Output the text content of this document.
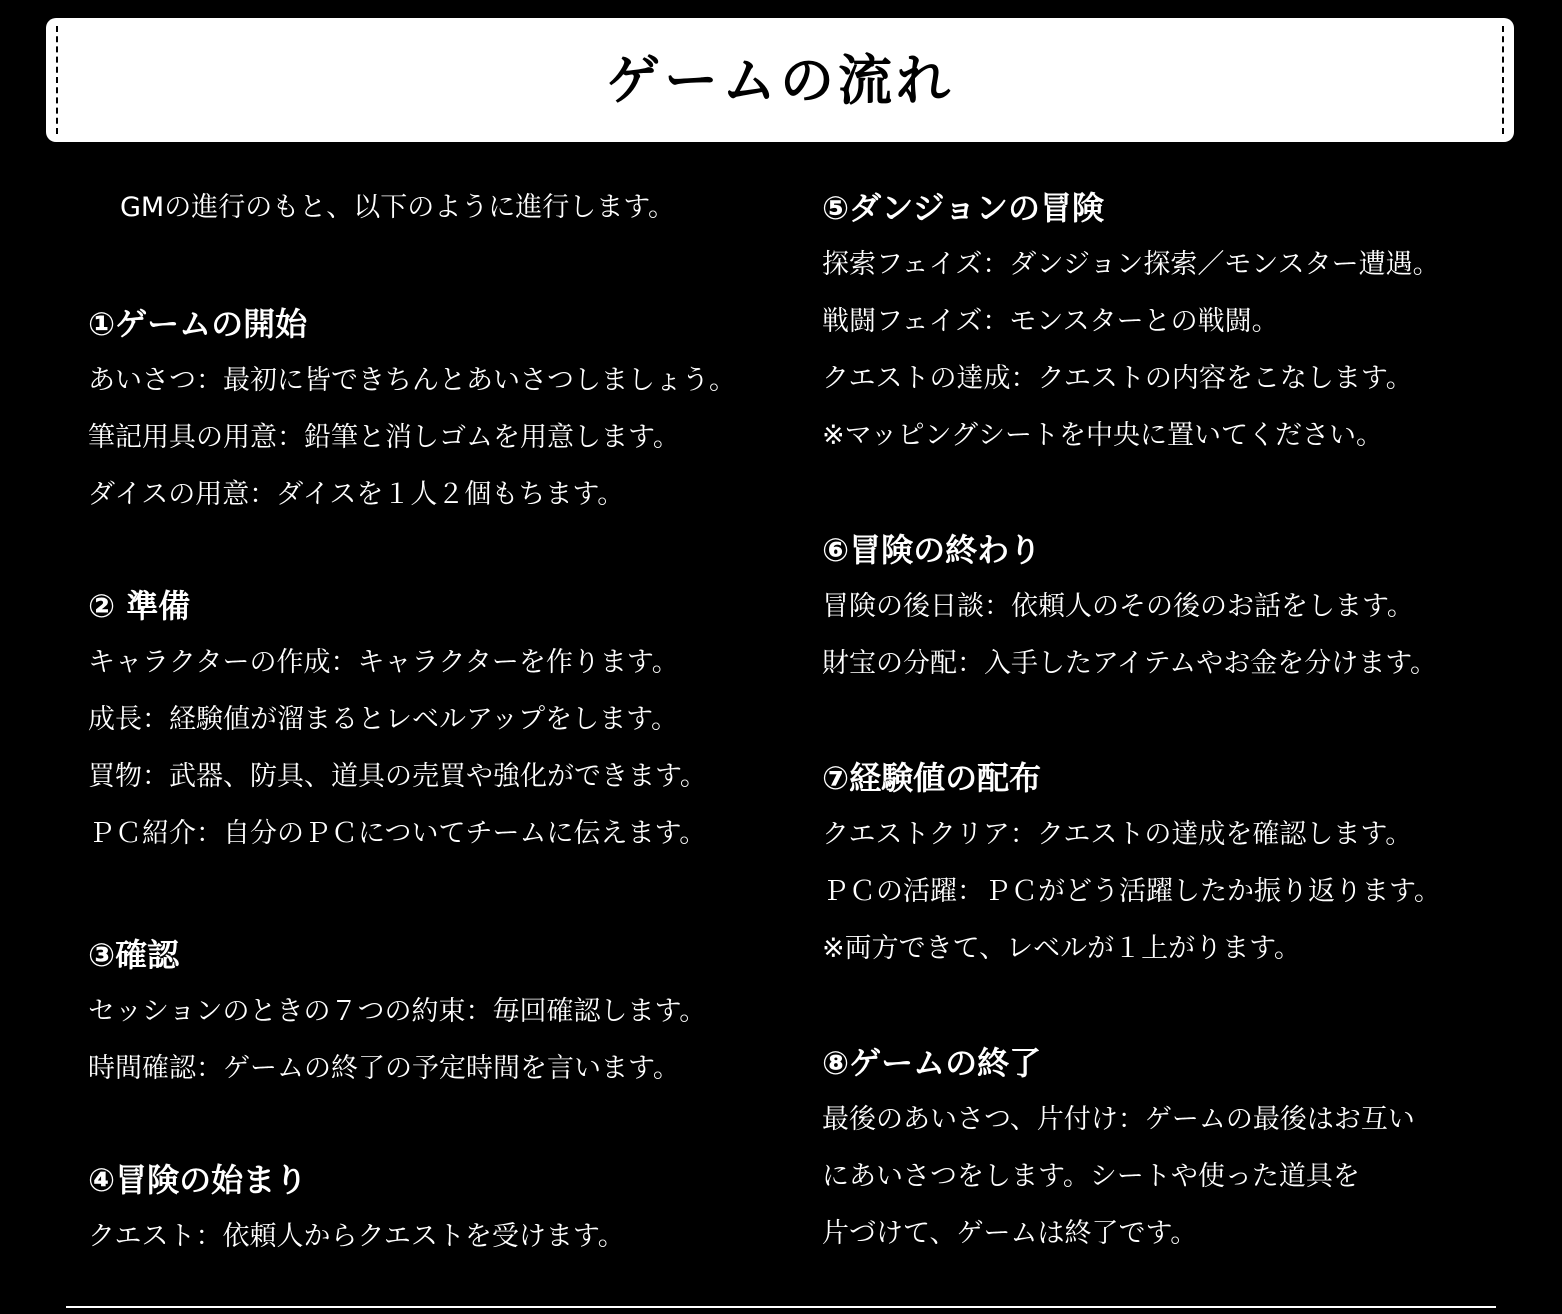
ゲームの流れ

GMの進行のもと、以下のように進行します。

①ゲームの開始

あいさつ：最初に皆できちんとあいさつしましょう。

筆記用具の用意：鉛筆と消しゴムを用意します。

ダイスの用意：ダイスを１人２個もちます。

② 準備

キャラクターの作成：キャラクターを作ります。

成長：経験値が溜まるとレベルアップをします。

買物：武器、防具、道具の売買や強化ができます。

ＰＣ紹介：自分のＰＣについてチームに伝えます。

③確認

セッションのときの７つの約束：毎回確認します。

時間確認：ゲームの終了の予定時間を言います。

④冒険の始まり

クエスト：依頼人からクエストを受けます。

⑤ダンジョンの冒険

探索フェイズ：ダンジョン探索／モンスター遭遇。

戦闘フェイズ：モンスターとの戦闘。

クエストの達成：クエストの内容をこなします。

※マッピングシートを中央に置いてください。

⑥冒険の終わり

冒険の後日談：依頼人のその後のお話をします。

財宝の分配：入手したアイテムやお金を分けます。

⑦経験値の配布

クエストクリア：クエストの達成を確認します。

ＰＣの活躍：ＰＣがどう活躍したか振り返ります。

※両方できて、レベルが１上がります。

⑧ゲームの終了

最後のあいさつ、片付け：ゲームの最後はお互い

にあいさつをします。シートや使った道具を

片づけて、ゲームは終了です。
